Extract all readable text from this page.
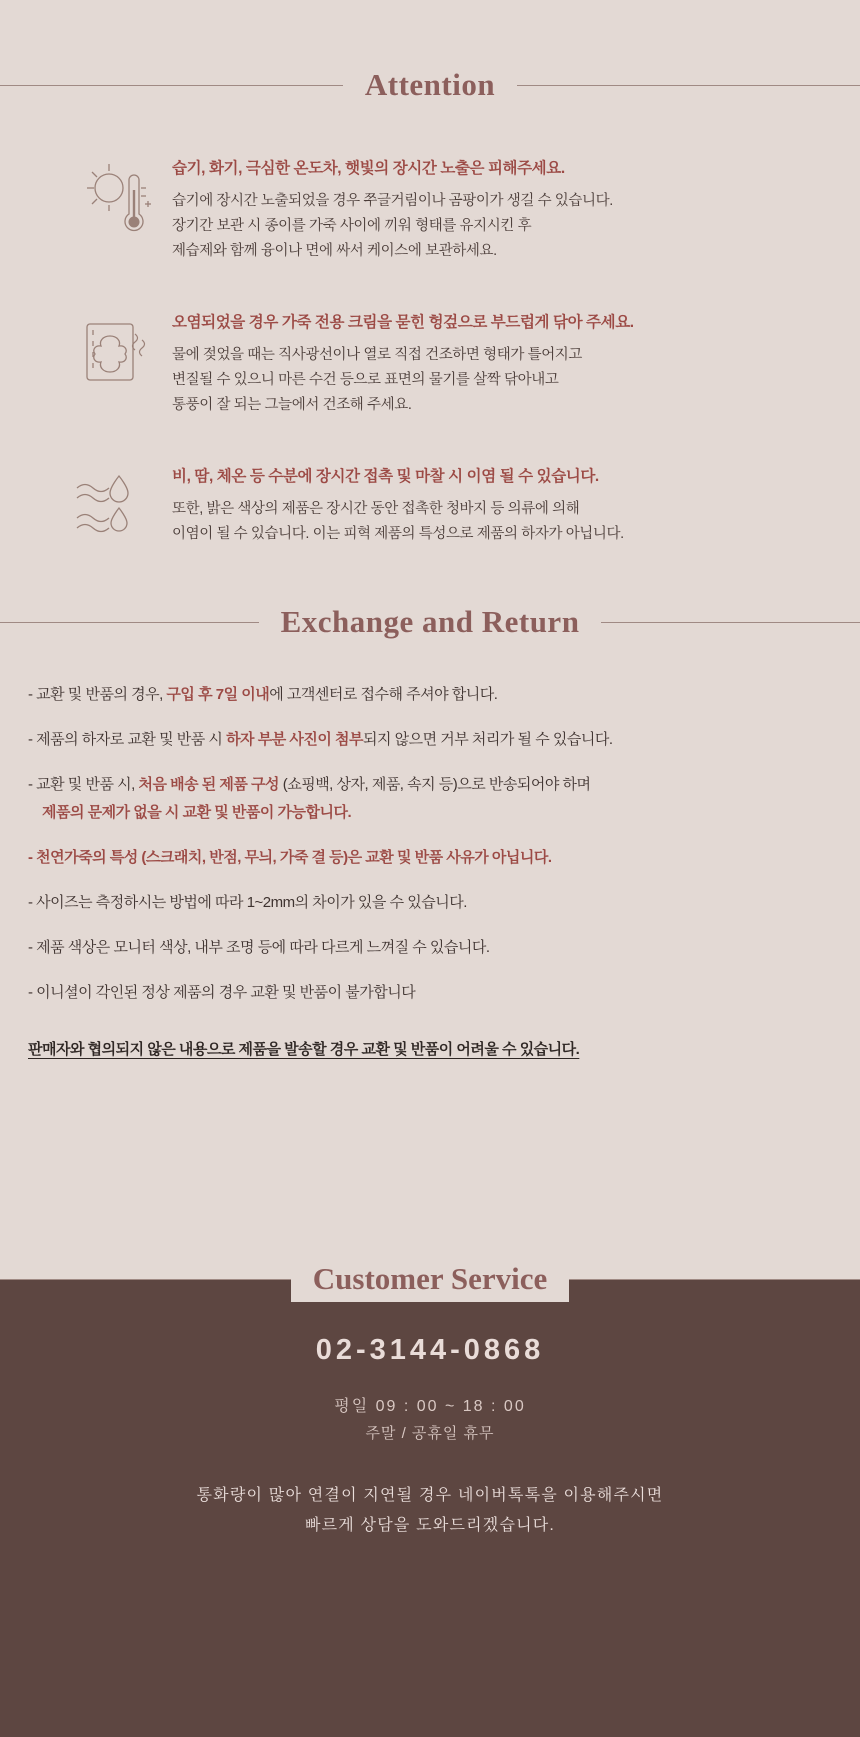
Attention
습기, 화기, 극심한 온도차, 햇빛의 장시간 노출은 피해주세요.
습기에 장시간 노출되었을 경우 쭈글거림이나 곰팡이가 생길 수 있습니다.
장기간 보관 시 종이를 가죽 사이에 끼워 형태를 유지시킨 후
제습제와 함께 융이나 면에 싸서 케이스에 보관하세요.
오염되었을 경우 가죽 전용 크림을 묻힌 헝겊으로 부드럽게 닦아 주세요.
물에 젖었을 때는 직사광선이나 열로 직접 건조하면 형태가 틀어지고
변질될 수 있으니 마른 수건 등으로 표면의 물기를 살짝 닦아내고
통풍이 잘 되는 그늘에서 건조해 주세요.
비, 땀, 체온 등 수분에 장시간 접촉 및 마찰 시 이염 될 수 있습니다.
또한, 밝은 색상의 제품은 장시간 동안 접촉한 청바지 등 의류에 의해
이염이 될 수 있습니다. 이는 피혁 제품의 특성으로 제품의 하자가 아닙니다.
Exchange and Return
- 교환 및 반품의 경우, 구입 후 7일 이내에 고객센터로 접수해 주셔야 합니다.
- 제품의 하자로 교환 및 반품 시 하자 부분 사진이 첨부되지 않으면 거부 처리가 될 수 있습니다.
- 교환 및 반품 시, 처음 배송 된 제품 구성 (쇼핑백, 상자, 제품, 속지 등)으로 반송되어야 하며
제품의 문제가 없을 시 교환 및 반품이 가능합니다.
- 천연가죽의 특성 (스크래치, 반점, 무늬, 가죽 결 등)은 교환 및 반품 사유가 아닙니다.
- 사이즈는 측정하시는 방법에 따라 1~2mm의 차이가 있을 수 있습니다.
- 제품 색상은 모니터 색상, 내부 조명 등에 따라 다르게 느껴질 수 있습니다.
- 이니셜이 각인된 정상 제품의 경우 교환 및 반품이 불가합니다
판매자와 협의되지 않은 내용으로 제품을 발송할 경우 교환 및 반품이 어려울 수 있습니다.
Customer Service
02-3144-0868
평일 09 : 00 ~ 18 : 00
주말 / 공휴일 휴무
통화량이 많아 연결이 지연될 경우 네이버톡톡을 이용해주시면
빠르게 상담을 도와드리겠습니다.
